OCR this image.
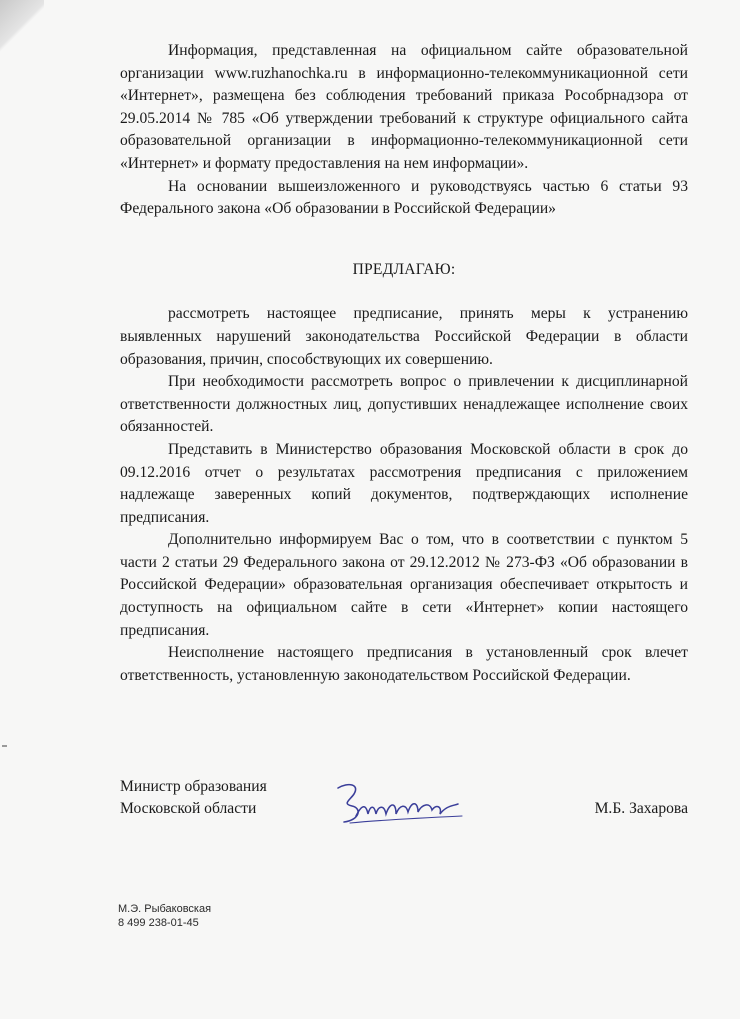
Информация, представленная на официальном сайте образовательной организации www.ruzhanochka.ru в информационно-телекоммуникационной сети «Интернет», размещена без соблюдения требований приказа Рособрнадзора от 29.05.2014 № 785 «Об утверждении требований к структуре официального сайта образовательной организации в информационно-телекоммуникационной сети «Интернет» и формату предоставления на нем информации».

На основании вышеизложенного и руководствуясь частью 6 статьи 93 Федерального закона «Об образовании в Российской Федерации»

ПРЕДЛАГАЮ:

рассмотреть настоящее предписание, принять меры к устранению выявленных нарушений законодательства Российской Федерации в области образования, причин, способствующих их совершению.

При необходимости рассмотреть вопрос о привлечении к дисциплинарной ответственности должностных лиц, допустивших ненадлежащее исполнение своих обязанностей.

Представить в Министерство образования Московской области в срок до 09.12.2016 отчет о результатах рассмотрения предписания с приложением надлежаще заверенных копий документов, подтверждающих исполнение предписания.

Дополнительно информируем Вас о том, что в соответствии с пунктом 5 части 2 статьи 29 Федерального закона от 29.12.2012 № 273-ФЗ «Об образовании в Российской Федерации» образовательная организация обеспечивает открытость и доступность на официальном сайте в сети «Интернет» копии настоящего предписания.

Неисполнение настоящего предписания в установленный срок влечет ответственность, установленную законодательством Российской Федерации.

Министр образования
Московской области	М.Б. Захарова
М.Э. Рыбаковская
8 499 238-01-45
